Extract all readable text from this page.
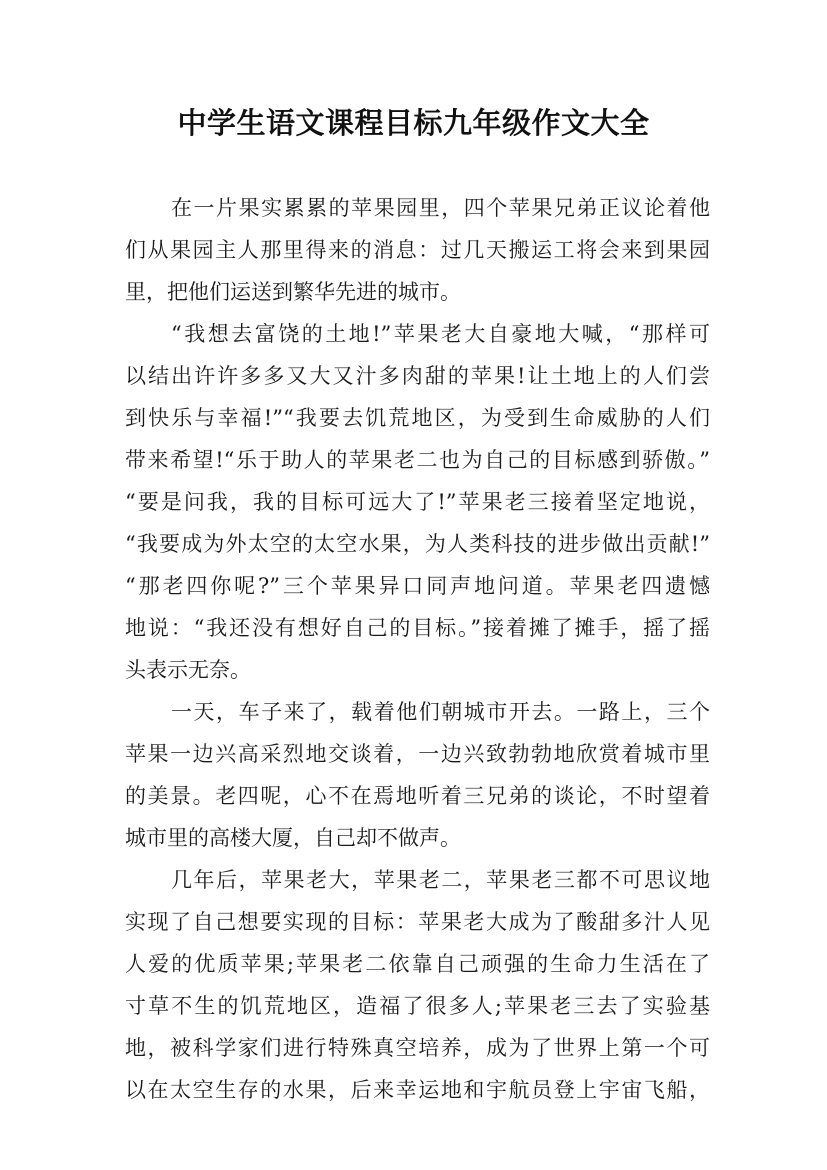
中学生语文课程目标九年级作文大全
在一片果实累累的苹果园里，四个苹果兄弟正议论着他
们从果园主人那里得来的消息：过几天搬运工将会来到果园
里，把他们运送到繁华先进的城市。
“我想去富饶的土地!”苹果老大自豪地大喊，“那样可
以结出许许多多又大又汁多肉甜的苹果!让土地上的人们尝
到快乐与幸福!”“我要去饥荒地区，为受到生命威胁的人们
带来希望!“乐于助人的苹果老二也为自己的目标感到骄傲。”
“要是问我，我的目标可远大了!”苹果老三接着坚定地说，
“我要成为外太空的太空水果，为人类科技的进步做出贡献!”
“那老四你呢?”三个苹果异口同声地问道。苹果老四遗憾
地说：“我还没有想好自己的目标。”接着摊了摊手，摇了摇
头表示无奈。
一天，车子来了，载着他们朝城市开去。一路上，三个
苹果一边兴高采烈地交谈着，一边兴致勃勃地欣赏着城市里
的美景。老四呢，心不在焉地听着三兄弟的谈论，不时望着
城市里的高楼大厦，自己却不做声。
几年后，苹果老大，苹果老二，苹果老三都不可思议地
实现了自己想要实现的目标：苹果老大成为了酸甜多汁人见
人爱的优质苹果;苹果老二依靠自己顽强的生命力生活在了
寸草不生的饥荒地区，造福了很多人;苹果老三去了实验基
地，被科学家们进行特殊真空培养，成为了世界上第一个可
以在太空生存的水果，后来幸运地和宇航员登上宇宙飞船，
